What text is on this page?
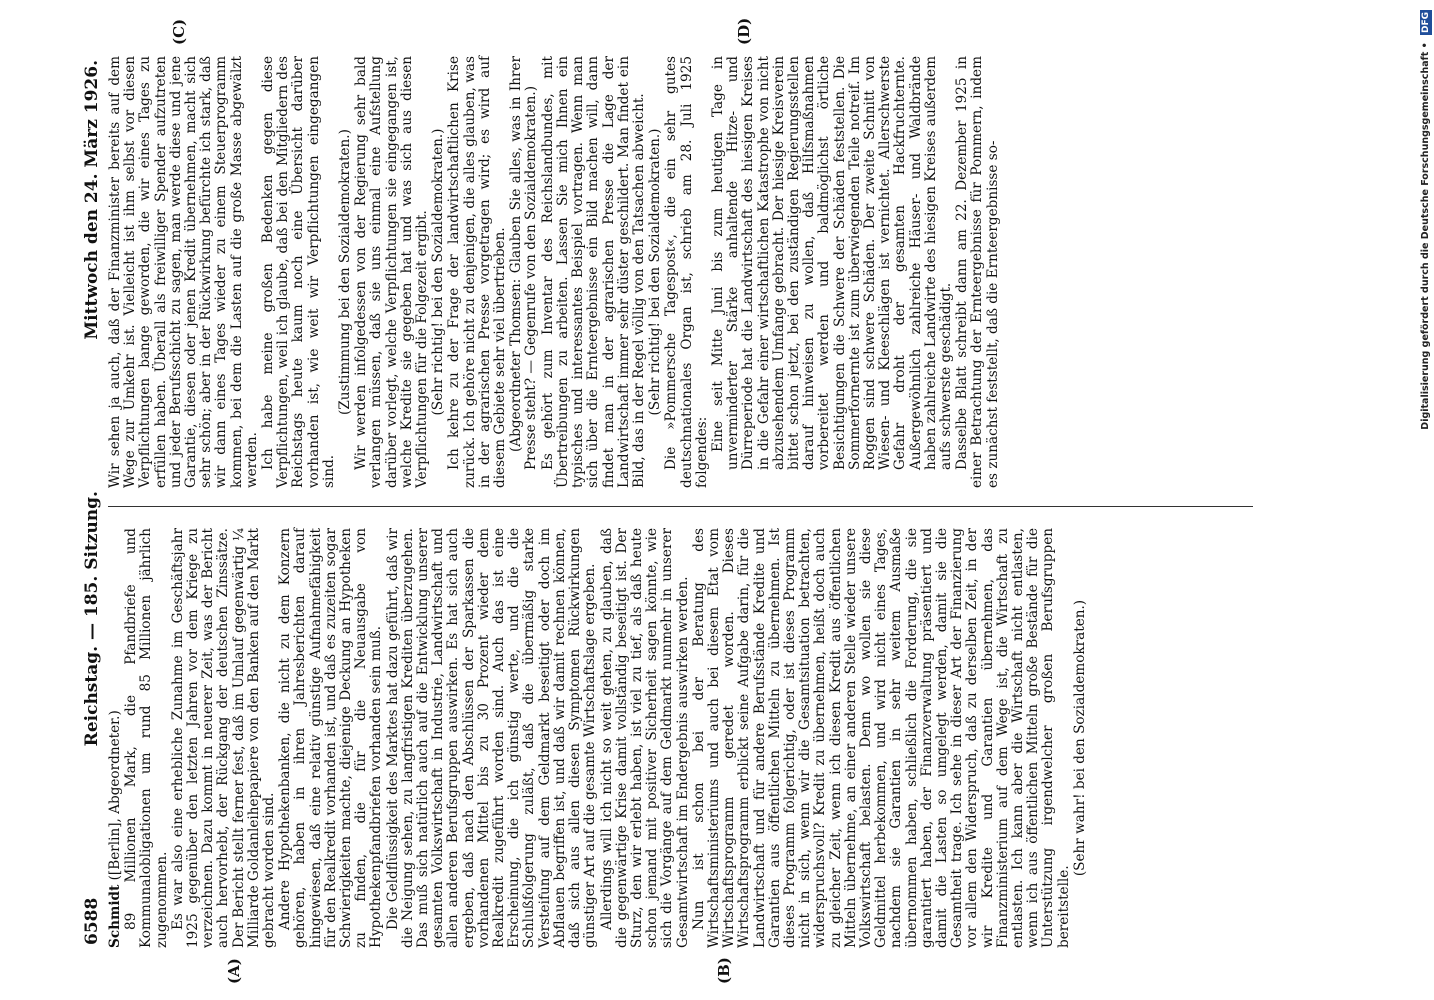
6588
Reichstag. — 185. Sitzung.
Mittwoch den 24. März 1926.
(A)	(B)
(C)	(D)

Schmidt ([Berlin], Abgeordneter.) 89 Millionen Mark, die Pfandbriefe und Kommunalobligationen um rund 85 Millionen jährlich zugenommen. Es war also eine erhebliche Zunahme im Geschäftsjahr 1925 gegenüber den letzten Jahren vor dem Kriege zu verzeichnen. Dazu kommt in neuerer Zeit, was der Bericht auch hervorhebt, der Rückgang der deutschen Zinssätze. Der Bericht stellt ferner fest, daß im Umlauf gegenwärtig ¼ Milliarde Goldanleihepapiere von den Banken auf den Markt gebracht worden sind. Andere Hypothekenbanken, die nicht zu dem Konzern gehören, haben in ihren Jahresberichten darauf hingewiesen, daß eine relativ günstige Aufnahmefähigkeit für den Realkredit vorhanden ist, und daß es zuzeiten sogar Schwierigkeiten machte, diejenige Deckung an Hypotheken zu finden, die für die Neuausgabe von Hypothekenpfandbriefen vorhanden sein muß. Die Geldflüssigkeit des Marktes hat dazu geführt, daß wir die Neigung sehen, zu langfristigen Krediten überzugehen. Das muß sich natürlich auch auf die Entwicklung unserer gesamten Volkswirtschaft in Industrie, Landwirtschaft und allen anderen Berufsgruppen auswirken. Es hat sich auch ergeben, daß nach den Abschlüssen der Sparkassen die vorhandenen Mittel bis zu 30 Prozent wieder dem Realkredit zugeführt worden sind. Auch das ist eine Erscheinung, die ich günstig werte, und die die Schlußfolgerung zuläßt, daß die übermäßig starke Versteifung auf dem Geldmarkt beseitigt oder doch im Abflauen begriffen ist, und daß wir damit rechnen können, daß sich aus allen diesen Symptomen Rückwirkungen günstiger Art auf die gesamte Wirtschaftslage ergeben. Allerdings will ich nicht so weit gehen, zu glauben, daß die gegenwärtige Krise damit vollständig beseitigt ist. Der Sturz, den wir erlebt haben, ist viel zu tief, als daß heute schon jemand mit positiver Sicherheit sagen könnte, wie sich die Vorgänge auf dem Geldmarkt nunmehr in unserer Gesamtwirtschaft im Endergebnis auswirken werden. Nun ist schon bei der Beratung des Wirtschaftsministeriums und auch bei diesem Etat vom Wirtschaftsprogramm geredet worden. Dieses Wirtschaftsprogramm erblickt seine Aufgabe darin, für die Landwirtschaft und für andere Berufsstände Kredite und Garantien aus öffentlichen Mitteln zu übernehmen. Ist dieses Programm folgerichtig, oder ist dieses Programm nicht in sich, wenn wir die Gesamtsituation betrachten, widerspruchsvoll? Kredit zu übernehmen, heißt doch auch zu gleicher Zeit, wenn ich diesen Kredit aus öffentlichen Mitteln übernehme, an einer anderen Stelle wieder unsere Volkswirtschaft belasten. Denn wo wollen sie diese Geldmittel herbekommen, und wird nicht eines Tages, nachdem sie Garantien in sehr weitem Ausmaße übernommen haben, schließlich die Forderung, die sie garantiert haben, der Finanzverwaltung präsentiert und damit die Lasten so umgelegt werden, damit sie die Gesamtheit trage. Ich sehe in dieser Art der Finanzierung vor allem den Widerspruch, daß zu derselben Zeit, in der wir Kredite und Garantien übernehmen, das Finanzministerium auf dem Wege ist, die Wirtschaft zu entlasten. Ich kann aber die Wirtschaft nicht entlasten, wenn ich aus öffentlichen Mitteln große Bestände für die Unterstützung irgendwelcher großen Berufsgruppen bereitstelle.

(Sehr wahr! bei den Sozialdemokraten.)

Wir sehen ja auch, daß der Finanzminister bereits auf dem Wege zur Umkehr ist. Vielleicht ist ihm selbst vor diesen Verpflichtungen bange geworden, die wir eines Tages zu erfüllen haben. Überall als freiwilliger Spender aufzutreten und jeder Berufsschicht zu sagen, man werde diese und jene Garantie, diesen oder jenen Kredit übernehmen, macht sich sehr schön; aber in der Rückwirkung befürchte ich stark, daß wir dann eines Tages wieder zu einem Steuerprogramm kommen, bei dem die Lasten auf die große Masse abgewälzt werden. Ich habe meine großen Bedenken gegen diese Verpflichtungen, weil ich glaube, daß bei den Mitgliedern des Reichstags heute kaum noch eine Übersicht darüber vorhanden ist, wie weit wir Verpflichtungen eingegangen sind.

(Zustimmung bei den Sozialdemokraten.) Wir werden infolgedessen von der Regierung sehr bald verlangen müssen, daß sie uns einmal eine Aufstellung darüber vorlegt, welche Verpflichtungen sie eingegangen ist, welche Kredite sie gegeben hat und was sich aus diesen Verpflichtungen für die Folgezeit ergibt. (Sehr richtig! bei den Sozialdemokraten.) Ich kehre zu der Frage der landwirtschaftlichen Krise zurück. Ich gehöre nicht zu denjenigen, die alles glauben, was in der agrarischen Presse vorgetragen wird; es wird auf diesem Gebiete sehr viel übertrieben. (Abgeordneter Thomsen: Glauben Sie alles, was in Ihrer Presse steht? — Gegenrufe von den Sozialdemokraten.) Es gehört zum Inventar des Reichslandbundes, mit Übertreibungen zu arbeiten. Lassen Sie mich Ihnen ein typisches und interessantes Beispiel vortragen. Wenn man sich über die Ernteergebnisse ein Bild machen will, dann findet man in der agrarischen Presse die Lage der Landwirtschaft immer sehr düster geschildert. Man findet ein Bild, das in der Regel völlig von den Tatsachen abweicht. (Sehr richtig! bei den Sozialdemokraten.) Die »Pommersche Tagespost«, die ein sehr gutes deutschnationales Organ ist, schrieb am 28. Juli 1925 folgendes:

Eine seit Mitte Juni bis zum heutigen Tage in unverminderter Stärke anhaltende Hitze- und Dürreperiode hat die Landwirtschaft des hiesigen Kreises in die Gefahr einer wirtschaftlichen Katastrophe von nicht abzusehendem Umfange gebracht. Der hiesige Kreisverein bittet schon jetzt, bei den zuständigen Regierungsstellen darauf hinweisen zu wollen, daß Hilfsmaßnahmen vorbereitet werden und baldmöglichst örtliche Besichtigungen die Schwere der Schäden feststellen. Die Sommerfornernte ist zum überwiegenden Teile notreif. Im Roggen sind schwere Schäden. Der zweite Schnitt von Wiesen- und Kleeschlägen ist vernichtet. Allerschwerste Gefahr droht der gesamten Hackfruchternte. Außergewöhnlich zahlreiche Häuser- und Waldbrände haben zahlreiche Landwirte des hiesigen Kreises außerdem aufs schwerste geschädigt. Dasselbe Blatt schreibt dann am 22. Dezember 1925 in einer Betrachtung der Ernteergebnisse für Pommern, indem es zunächst feststellt, daß die Ernteergebnisse so-	Digitalisierung gefördert durch die Deutsche Forschungsgemeinschaft • DFG
